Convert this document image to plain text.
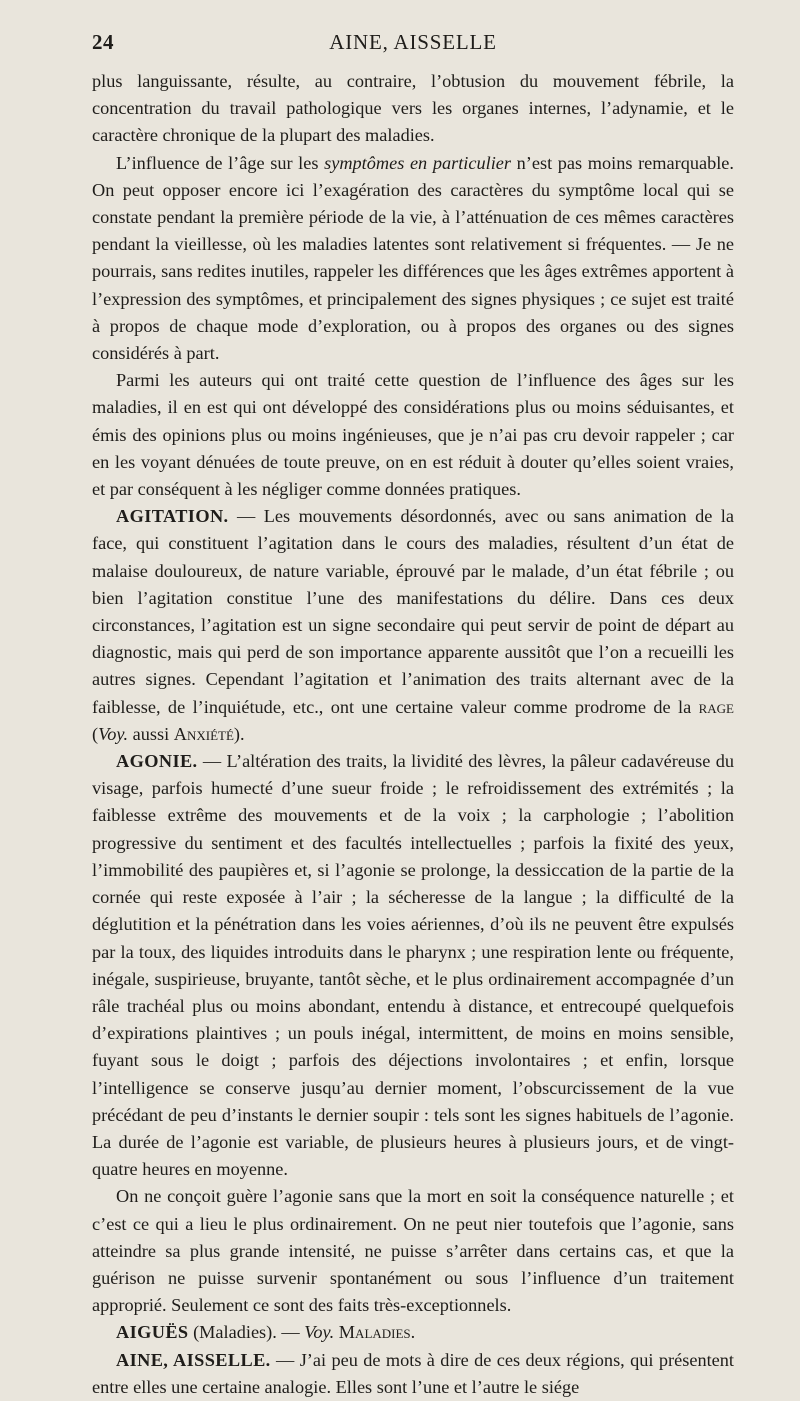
24	AINE, AISSELLE

plus languissante, résulte, au contraire, l’obtusion du mouvement fébrile, la concentration du travail pathologique vers les organes internes, l’adynamie, et le caractère chronique de la plupart des maladies.

L’influence de l’âge sur les symptômes en particulier n’est pas moins remarquable. On peut opposer encore ici l’exagération des caractères du symptôme local qui se constate pendant la première période de la vie, à l’atténuation de ces mêmes caractères pendant la vieillesse, où les maladies latentes sont relativement si fréquentes. — Je ne pourrais, sans redites inutiles, rappeler les différences que les âges extrêmes apportent à l’expression des symptômes, et principalement des signes physiques ; ce sujet est traité à propos de chaque mode d’exploration, ou à propos des organes ou des signes considérés à part.

Parmi les auteurs qui ont traité cette question de l’influence des âges sur les maladies, il en est qui ont développé des considérations plus ou moins séduisantes, et émis des opinions plus ou moins ingénieuses, que je n’ai pas cru devoir rappeler ; car en les voyant dénuées de toute preuve, on en est réduit à douter qu’elles soient vraies, et par conséquent à les négliger comme données pratiques.

AGITATION. — Les mouvements désordonnés, avec ou sans animation de la face, qui constituent l’agitation dans le cours des maladies, résultent d’un état de malaise douloureux, de nature variable, éprouvé par le malade, d’un état fébrile ; ou bien l’agitation constitue l’une des manifestations du délire. Dans ces deux circonstances, l’agitation est un signe secondaire qui peut servir de point de départ au diagnostic, mais qui perd de son importance apparente aussitôt que l’on a recueilli les autres signes. Cependant l’agitation et l’animation des traits alternant avec de la faiblesse, de l’inquiétude, etc., ont une certaine valeur comme prodrome de la rage (Voy. aussi Anxiété).

AGONIE. — L’altération des traits, la lividité des lèvres, la pâleur cadavéreuse du visage, parfois humecté d’une sueur froide ; le refroidissement des extrémités ; la faiblesse extrême des mouvements et de la voix ; la carphologie ; l’abolition progressive du sentiment et des facultés intellectuelles ; parfois la fixité des yeux, l’immobilité des paupières et, si l’agonie se prolonge, la dessiccation de la partie de la cornée qui reste exposée à l’air ; la sécheresse de la langue ; la difficulté de la déglutition et la pénétration dans les voies aériennes, d’où ils ne peuvent être expulsés par la toux, des liquides introduits dans le pharynx ; une respiration lente ou fréquente, inégale, suspirieuse, bruyante, tantôt sèche, et le plus ordinairement accompagnée d’un râle trachéal plus ou moins abondant, entendu à distance, et entrecoupé quelquefois d’expirations plaintives ; un pouls inégal, intermittent, de moins en moins sensible, fuyant sous le doigt ; parfois des déjections involontaires ; et enfin, lorsque l’intelligence se conserve jusqu’au dernier moment, l’obscurcissement de la vue précédant de peu d’instants le dernier soupir : tels sont les signes habituels de l’agonie. La durée de l’agonie est variable, de plusieurs heures à plusieurs jours, et de vingt-quatre heures en moyenne.

On ne conçoit guère l’agonie sans que la mort en soit la conséquence naturelle ; et c’est ce qui a lieu le plus ordinairement. On ne peut nier toutefois que l’agonie, sans atteindre sa plus grande intensité, ne puisse s’arrêter dans certains cas, et que la guérison ne puisse survenir spontanément ou sous l’influence d’un traitement approprié. Seulement ce sont des faits très-exceptionnels.

AIGUËS (Maladies). — Voy. Maladies.

AINE, AISSELLE. — J’ai peu de mots à dire de ces deux régions, qui présentent entre elles une certaine analogie. Elles sont l’une et l’autre le siége
